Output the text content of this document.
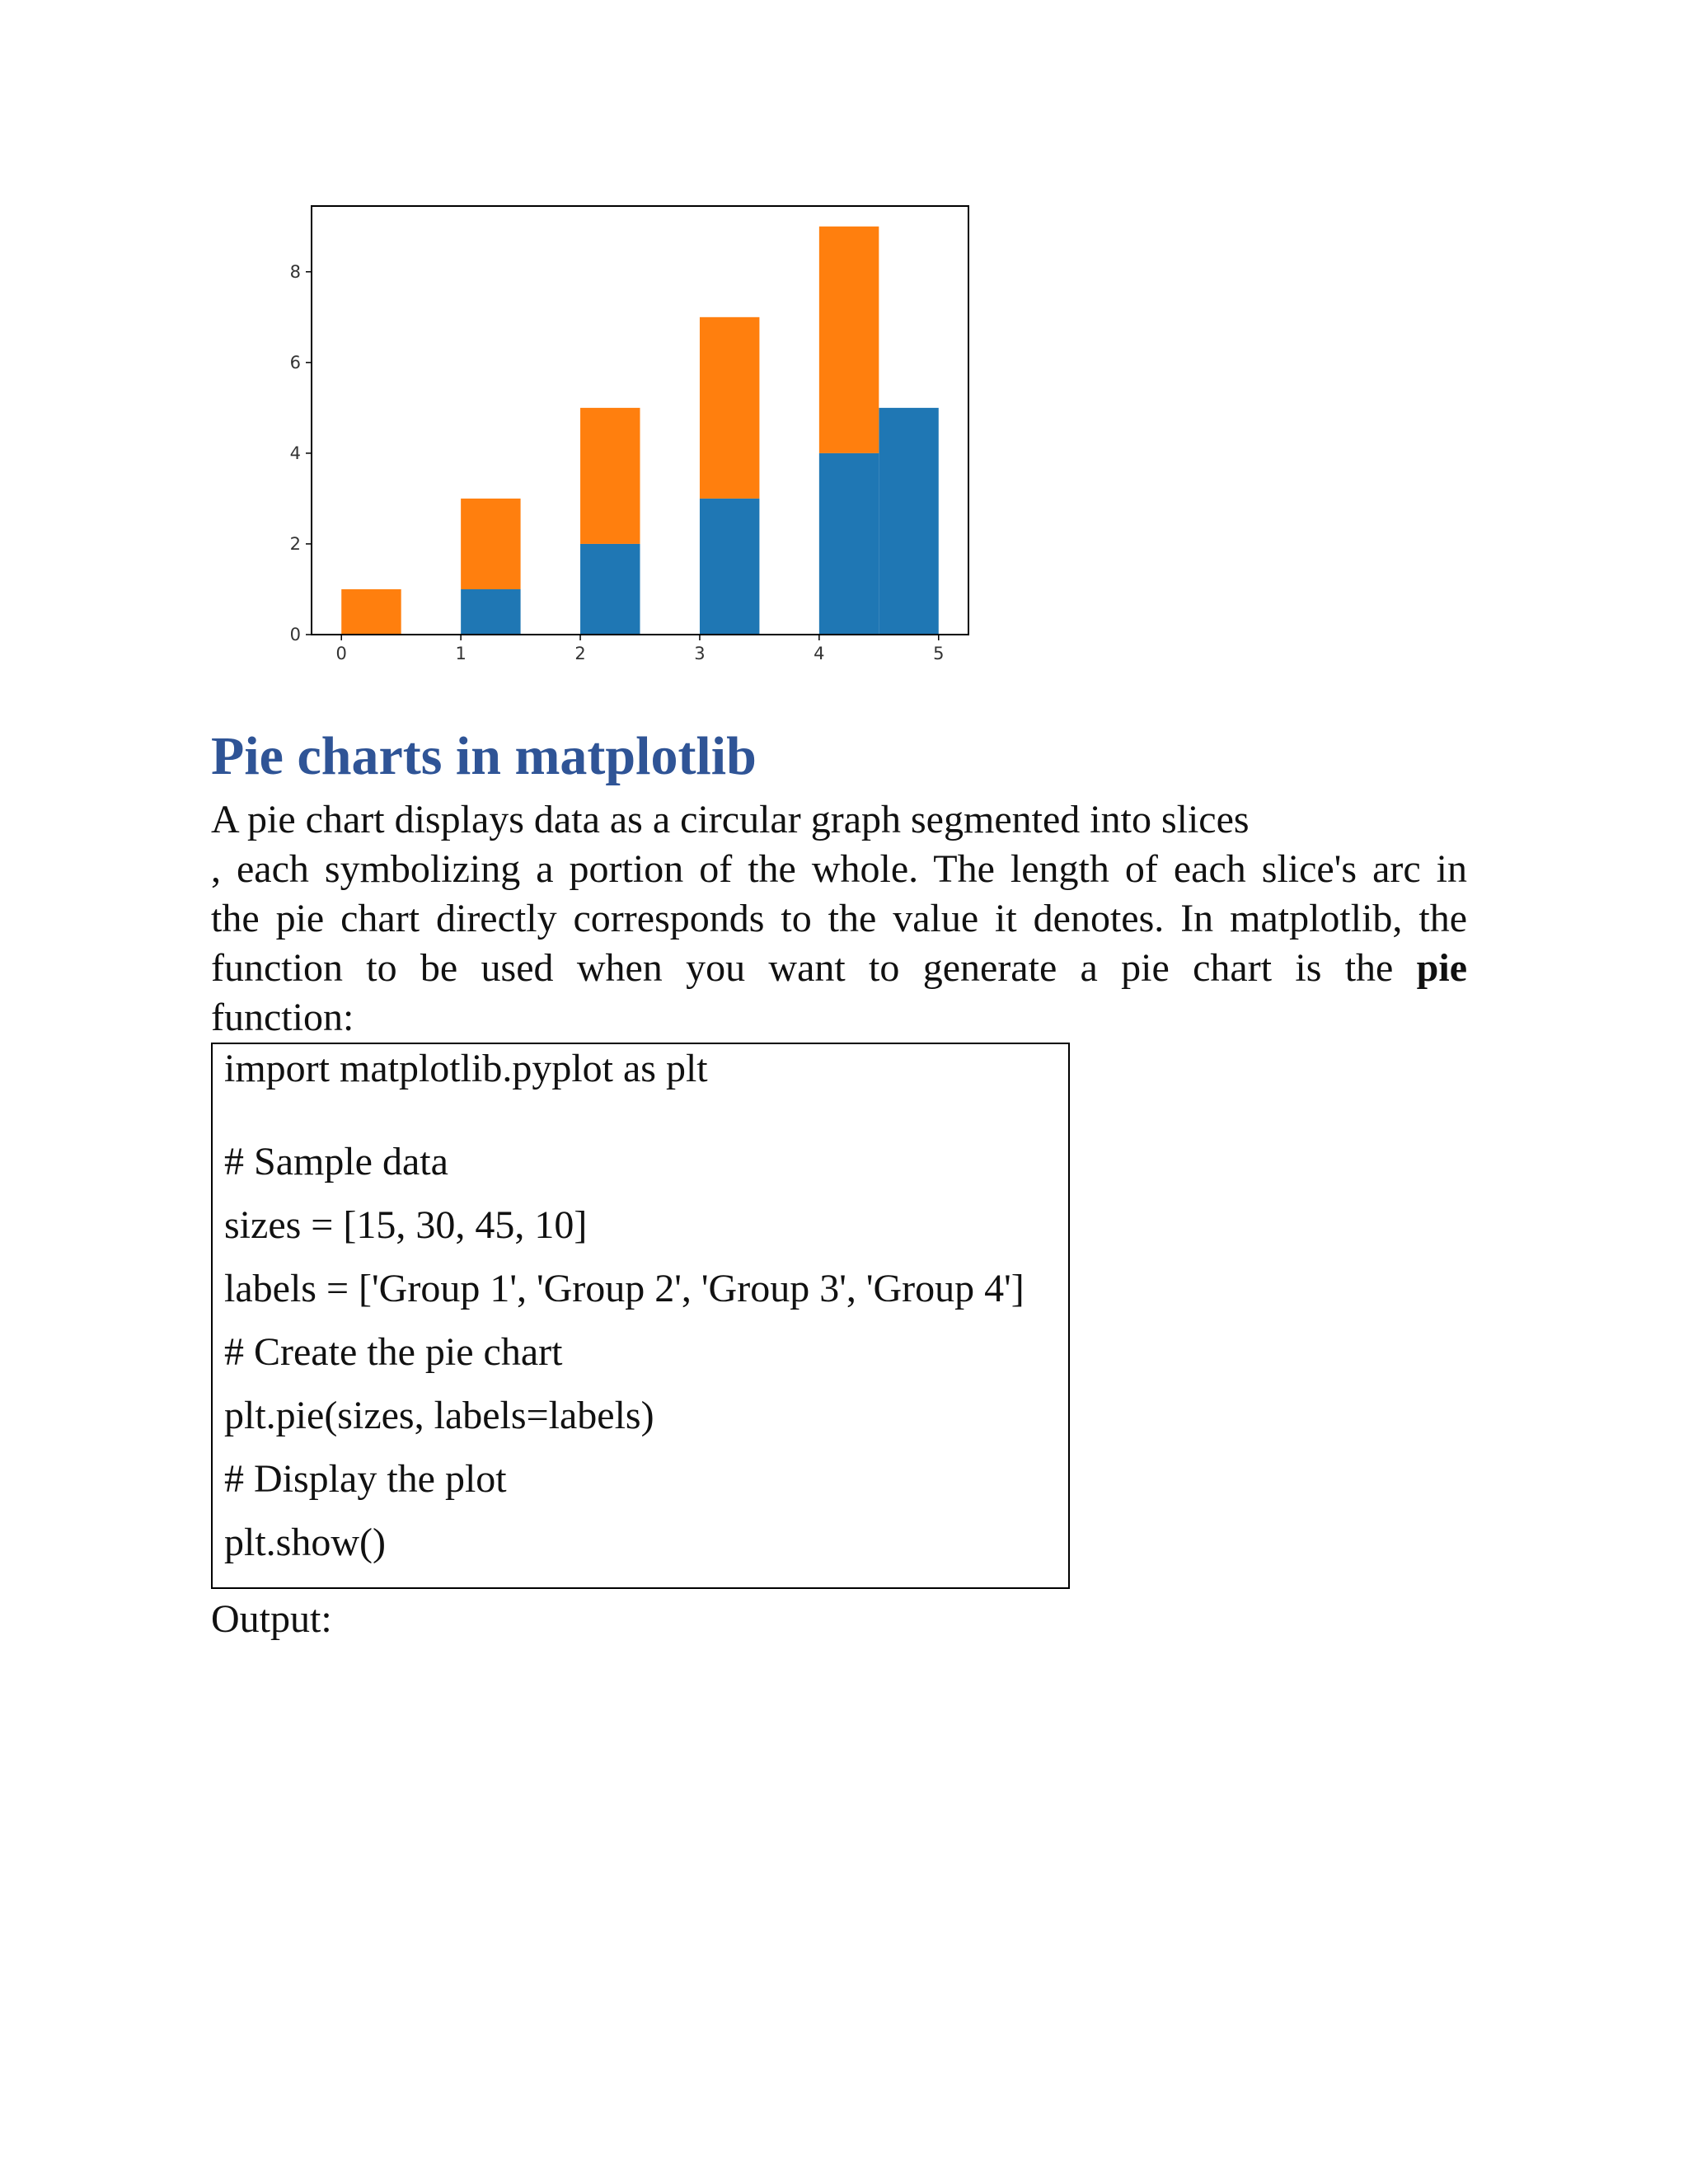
0	1	2	3	4	5
0
2
4
6
8
Pie charts in matplotlib
A pie chart displays data as a circular graph segmented into slices
, each symbolizing a portion of the whole. The length of each slice's arc in
the pie chart directly corresponds to the value it denotes. In matplotlib, the
function to be used when you want to generate a pie chart is the pie
function:
import matplotlib.pyplot as plt
# Sample data
sizes = [15, 30, 45, 10]
labels = ['Group 1', 'Group 2', 'Group 3', 'Group 4']
# Create the pie chart
plt.pie(sizes, labels=labels)
# Display the plot
plt.show()

Output:
